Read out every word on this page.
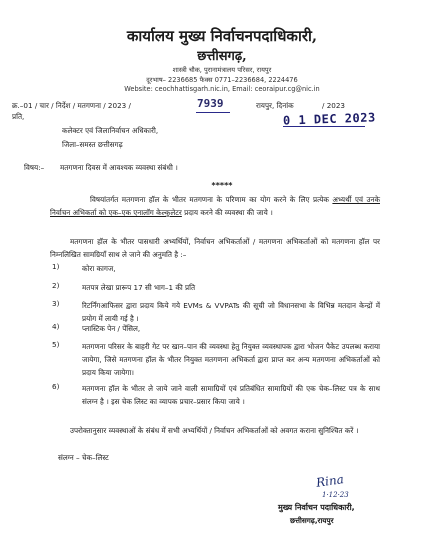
कार्यालय मुख्य निर्वाचनपदाधिकारी,
छत्तीसगढ़,
शास्त्री चौक, पुरानामंत्रालय परिसर, रायपुर
दूरभाष– 2236685 फैक्स 0771–2236684, 2224476
Website: ceochhattisgarh.nic.in, Email: ceoraipur.cg@nic.in
क्र.–01 / चार / निर्देश / मतगणना / 2023 /	7939	रायपुर, दिनांक	/ 2023
0 1 DEC 2023
प्रति,
कलेक्टर एवं जिलानिर्वाचन अधिकारी,
जिला–समस्त छत्तीसगढ़
विषय:– मतगणना दिवस में आवश्यक व्यवस्था संबंधी ।
*****
विषयांतर्गत मतगणना हॉल के भीतर मतगणना के परिणाम का योग करने के लिए प्रत्येक अभ्यर्थी एवं उनके निर्वाचन अभिकर्ता को एक–एक एनालॉग केल्कुलेटर प्रदाय करने की व्यवस्था की जाये ।
मतगणना हॉल के भीतर पासधारी अभ्यर्थियों, निर्वाचन अभिकर्ताओं / मतगणना अभिकर्ताओं को मतगणना हॉल पर निम्नलिखित सामग्रियाँ साथ ले जाने की अनुमति है :–
1)	कोरा कागज,
2)	मतपत्र लेखा प्रारूप 17 सी भाग–1 की प्रति
3)	रिटर्निंगआफिसर द्वारा प्रदाय किये गये EVMs & VVPATs की सूची जो विधानसभा के विभिन्न मतदान केन्द्रों में प्रयोग में लायी गई है ।
4)	प्लास्टिक पेन / पेंसिल,
5)	मतगणना परिसर के बाहरी गेट पर खान–पान की व्यवस्था हेतु नियुक्त व्यवस्थापक द्वारा भोजन पैकेट उपलब्ध कराया जायेगा, जिसे मतगणना हॉल के भीतर नियुक्त मतगणना अभिकर्ता द्वारा प्राप्त कर अन्य मतगणना अभिकर्ताओं को प्रदाय किया जायेगा।
6)	मतगणना हॉल के भीतर ले जाये जाने वाली सामाग्रियों एवं प्रतिबंधित सामाग्रियों की एक चेक–लिस्ट पत्र के साथ संलग्न है । इस चेक लिस्ट का व्यापक प्रचार–प्रसार किया जाये ।
उपरोक्तानुसार व्यवस्थाओं के संबंध में सभी अभ्यर्थियों / निर्वाचन अभिकर्ताओं को अवगत कराना सुनिश्चित करें ।
संलग्न – चेक–लिस्ट
Rina
1·12·23
मुख्य निर्वाचन पदाधिकारी,
छत्तीसगढ़,रायपुर
